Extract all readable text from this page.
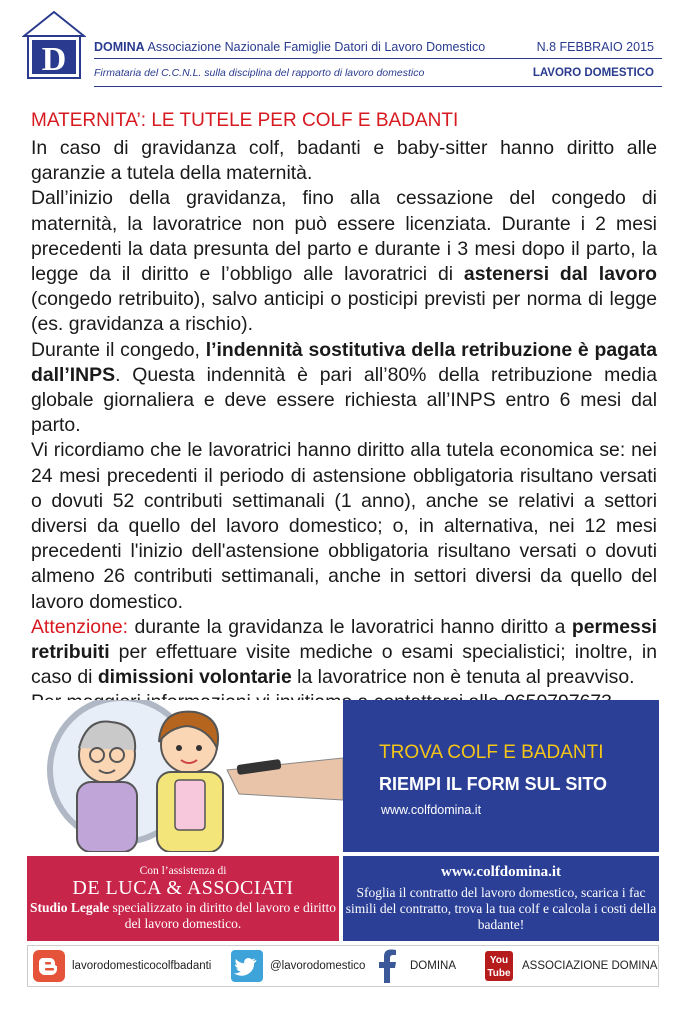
D DOMINA Associazione Nazionale Famiglie Datori di Lavoro Domestico	N.8 FEBBRAIO 2015
Firmataria del C.C.N.L. sulla disciplina del rapporto di lavoro domestico	LAVORO DOMESTICO
MATERNITA’: LE TUTELE PER COLF E BADANTI

In caso di gravidanza colf, badanti e baby-sitter hanno diritto alle garanzie a tutela della maternità.

Dall’inizio della gravidanza, fino alla cessazione del congedo di maternità, la lavoratrice non può essere licenziata. Durante i 2 mesi precedenti la data presunta del parto e durante i 3 mesi dopo il parto, la legge da il diritto e l’obbligo alle lavoratrici di astenersi dal lavoro (congedo retribuito), salvo anticipi o posticipi previsti per norma di legge (es. gravidanza a rischio).

Durante il congedo, l’indennità sostitutiva della retribuzione è pagata dall’INPS. Questa indennità è pari all’80% della retribuzione media globale giornaliera e deve essere richiesta all’INPS entro 6 mesi dal parto.

Vi ricordiamo che le lavoratrici hanno diritto alla tutela economica se: nei 24 mesi precedenti il periodo di astensione obbligatoria risultano versati o dovuti 52 contributi settimanali (1 anno), anche se relativi a settori diversi da quello del lavoro domestico; o, in alternativa, nei 12 mesi precedenti l'inizio dell'astensione obbligatoria risultano versati o dovuti almeno 26 contributi settimanali, anche in settori diversi da quello del lavoro domestico.

Attenzione: durante la gravidanza le lavoratrici hanno diritto a permessi retribuiti per effettuare visite mediche o esami specialistici; inoltre, in caso di dimissioni volontarie la lavoratrice non è tenuta al preavviso.

TROVA COLF E BADANTI
RIEMPI IL FORM SUL SITO
www.colfdomina.it
Con l’assistenza di
DE LUCA & ASSOCIATI
Studio Legale specializzato in diritto del lavoro e diritto del lavoro domestico.
www.colfdomina.it
Sfoglia il contratto del lavoro domestico, scarica i fac simili del contratto, trova la tua colf e calcola i costi della badante!
lavorodomesticocolfbadanti	@lavorodomestico	DOMINA	You
Tube
ASSOCIAZIONE DOMINA
